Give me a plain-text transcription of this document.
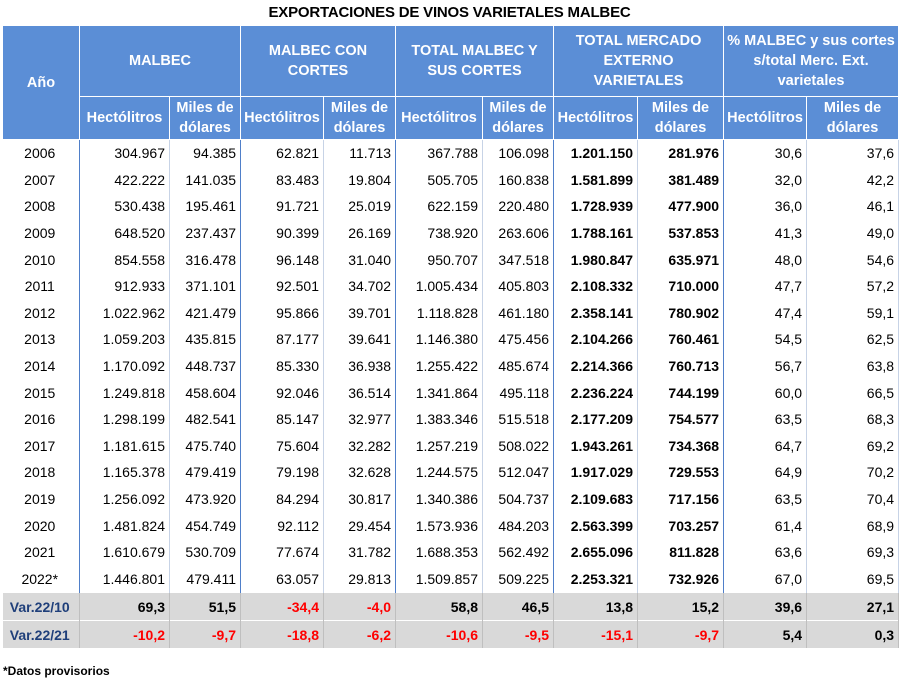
EXPORTACIONES DE VINOS VARIETALES MALBEC
Año	MALBEC		MALBEC CON CORTES		TOTAL MALBEC Y SUS CORTES		TOTAL MERCADO EXTERNO VARIETALES		% MALBEC y sus cortes s/total Merc. Ext. varietales	
	Hectólitros	Miles de dólares	Hectólitros	Miles de dólares	Hectólitros	Miles de dólares	Hectólitros	Miles de dólares	Hectólitros	Miles de dólares
2006	304.967	94.385	62.821	11.713	367.788	106.098	1.201.150	281.976	30,6	37,6
2007	422.222	141.035	83.483	19.804	505.705	160.838	1.581.899	381.489	32,0	42,2
2008	530.438	195.461	91.721	25.019	622.159	220.480	1.728.939	477.900	36,0	46,1
2009	648.520	237.437	90.399	26.169	738.920	263.606	1.788.161	537.853	41,3	49,0
2010	854.558	316.478	96.148	31.040	950.707	347.518	1.980.847	635.971	48,0	54,6
2011	912.933	371.101	92.501	34.702	1.005.434	405.803	2.108.332	710.000	47,7	57,2
2012	1.022.962	421.479	95.866	39.701	1.118.828	461.180	2.358.141	780.902	47,4	59,1
2013	1.059.203	435.815	87.177	39.641	1.146.380	475.456	2.104.266	760.461	54,5	62,5
2014	1.170.092	448.737	85.330	36.938	1.255.422	485.674	2.214.366	760.713	56,7	63,8
2015	1.249.818	458.604	92.046	36.514	1.341.864	495.118	2.236.224	744.199	60,0	66,5
2016	1.298.199	482.541	85.147	32.977	1.383.346	515.518	2.177.209	754.577	63,5	68,3
2017	1.181.615	475.740	75.604	32.282	1.257.219	508.022	1.943.261	734.368	64,7	69,2
2018	1.165.378	479.419	79.198	32.628	1.244.575	512.047	1.917.029	729.553	64,9	70,2
2019	1.256.092	473.920	84.294	30.817	1.340.386	504.737	2.109.683	717.156	63,5	70,4
2020	1.481.824	454.749	92.112	29.454	1.573.936	484.203	2.563.399	703.257	61,4	68,9
2021	1.610.679	530.709	77.674	31.782	1.688.353	562.492	2.655.096	811.828	63,6	69,3
2022*	1.446.801	479.411	63.057	29.813	1.509.857	509.225	2.253.321	732.926	67,0	69,5
Var.22/10	69,3	51,5	-34,4	-4,0	58,8	46,5	13,8	15,2	39,6	27,1
Var.22/21	-10,2	-9,7	-18,8	-6,2	-10,6	-9,5	-15,1	-9,7	5,4	0,3
*Datos provisorios
